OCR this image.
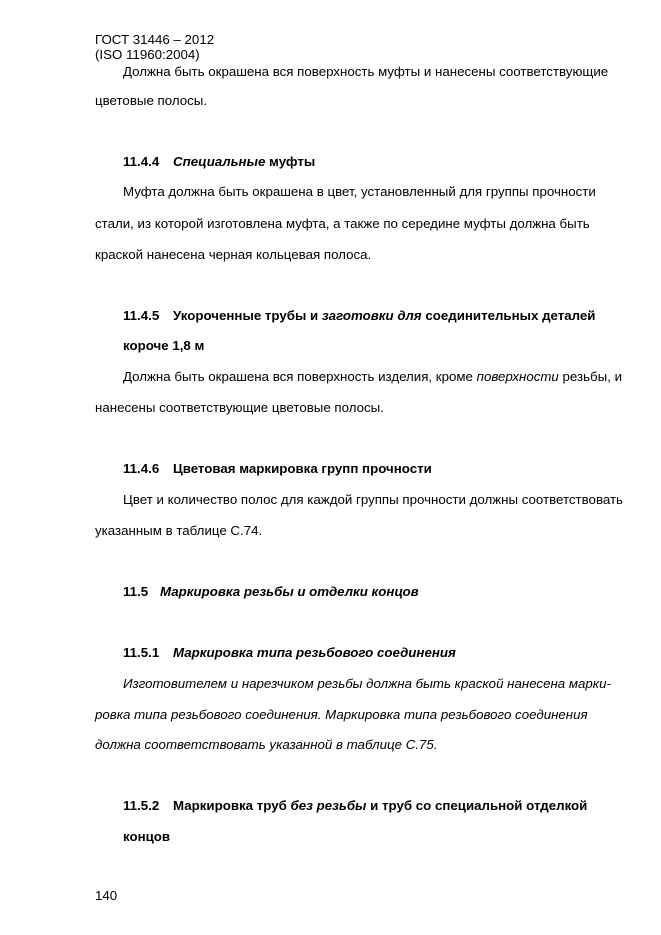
ГОСТ 31446 – 2012
(ISO 11960:2004)
Должна быть окрашена вся поверхность муфты и нанесены соответствующие
цветовые полосы.
11.4.4 Специальные муфты
Муфта должна быть окрашена в цвет, установленный для группы прочности
стали, из которой изготовлена муфта, а также по середине муфты должна быть
краской нанесена черная кольцевая полоса.
11.4.5 Укороченные трубы и заготовки для соединительных деталей
короче 1,8 м
Должна быть окрашена вся поверхность изделия, кроме поверхности резьбы, и
нанесены соответствующие цветовые полосы.
11.4.6 Цветовая маркировка групп прочности
Цвет и количество полос для каждой группы прочности должны соответствовать
указанным в таблице С.74.
11.5 Маркировка резьбы и отделки концов
11.5.1 Маркировка типа резьбового соединения
Изготовителем и нарезчиком резьбы должна быть краской нанесена марки-
ровка типа резьбового соединения. Маркировка типа резьбового соединения
должна соответствовать указанной в таблице С.75.
11.5.2 Маркировка труб без резьбы и труб со специальной отделкой
концов
140
